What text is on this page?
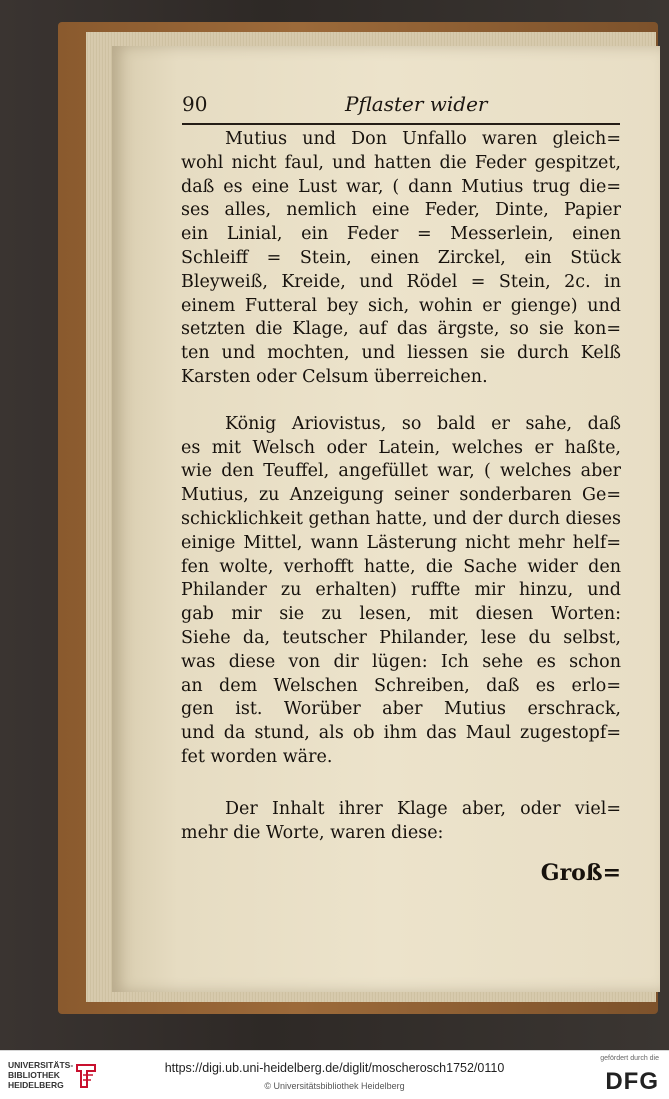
90	Pflaster wider
Mutius und Don Unfallo waren gleich=
wohl nicht faul, und hatten die Feder gespitzet,
daß es eine Lust war, ( dann Mutius trug die=
ses alles, nemlich eine Feder, Dinte, Papier
ein Linial, ein Feder = Messerlein, einen
Schleiff = Stein, einen Zirckel, ein Stück
Bleyweiß, Kreide, und Rödel = Stein, 2c. in
einem Futteral bey sich, wohin er gienge) und
setzten die Klage, auf das ärgste, so sie kon=
ten und mochten, und liessen sie durch Kelß
Karsten oder Celsum überreichen.
König Ariovistus, so bald er sahe, daß
es mit Welsch oder Latein, welches er haßte,
wie den Teuffel, angefüllet war, ( welches aber
Mutius, zu Anzeigung seiner sonderbaren Ge=
schicklichkeit gethan hatte, und der durch dieses
einige Mittel, wann Lästerung nicht mehr helf=
fen wolte, verhofft hatte, die Sache wider den
Philander zu erhalten) ruffte mir hinzu, und
gab mir sie zu lesen, mit diesen Worten:
Siehe da, teutscher Philander, lese du selbst,
was diese von dir lügen: Ich sehe es schon
an dem Welschen Schreiben, daß es erlo=
gen ist. Worüber aber Mutius erschrack,
und da stund, als ob ihm das Maul zugestopf=
fet worden wäre.
Der Inhalt ihrer Klage aber, oder viel=
mehr die Worte, waren diese:
Groß=
UNIVERSITÄTS-
BIBLIOTHEK
HEIDELBERG
https://digi.ub.uni-heidelberg.de/diglit/moscherosch1752/0110
© Universitätsbibliothek Heidelberg
gefördert durch die
DFG
